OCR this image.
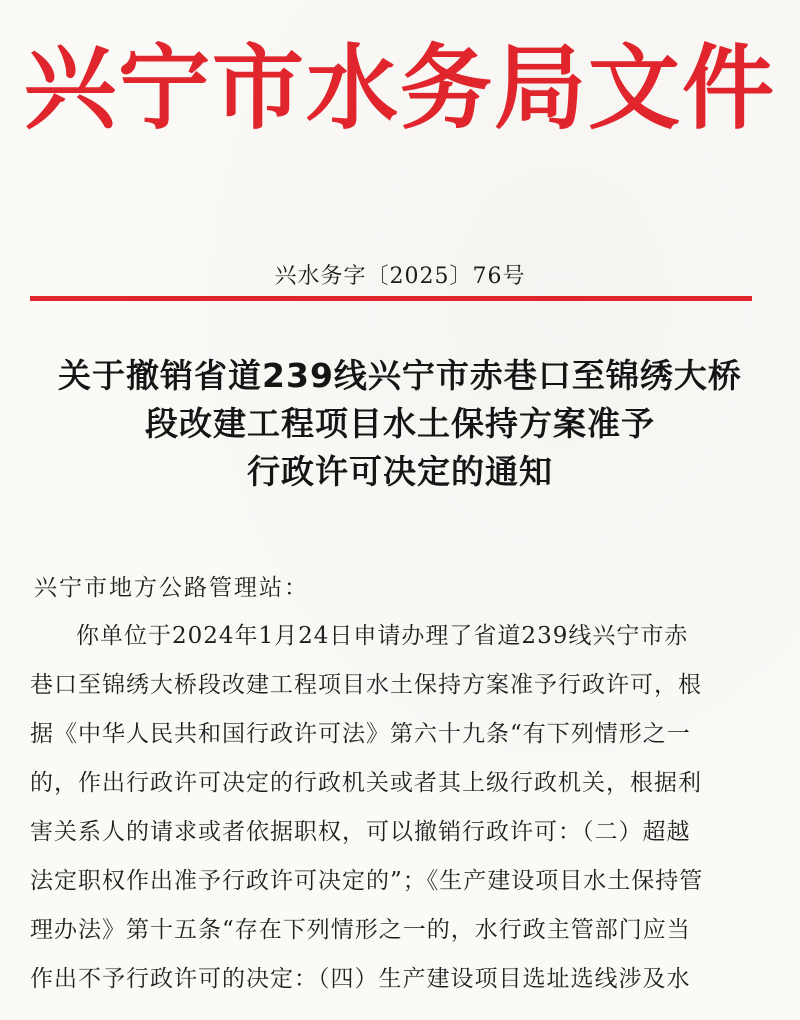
兴宁市水务局文件
兴水务字〔2025〕76号
关于撤销省道239线兴宁市赤巷口至锦绣大桥
段改建工程项目水土保持方案准予
行政许可决定的通知
兴宁市地方公路管理站：
你单位于2024年1月24日申请办理了省道239线兴宁市赤
巷口至锦绣大桥段改建工程项目水土保持方案准予行政许可，根
据《中华人民共和国行政许可法》第六十九条“有下列情形之一
的，作出行政许可决定的行政机关或者其上级行政机关，根据利
害关系人的请求或者依据职权，可以撤销行政许可：（二）超越
法定职权作出准予行政许可决定的”；《生产建设项目水土保持管
理办法》第十五条“存在下列情形之一的，水行政主管部门应当
作出不予行政许可的决定：（四）生产建设项目选址选线涉及水
